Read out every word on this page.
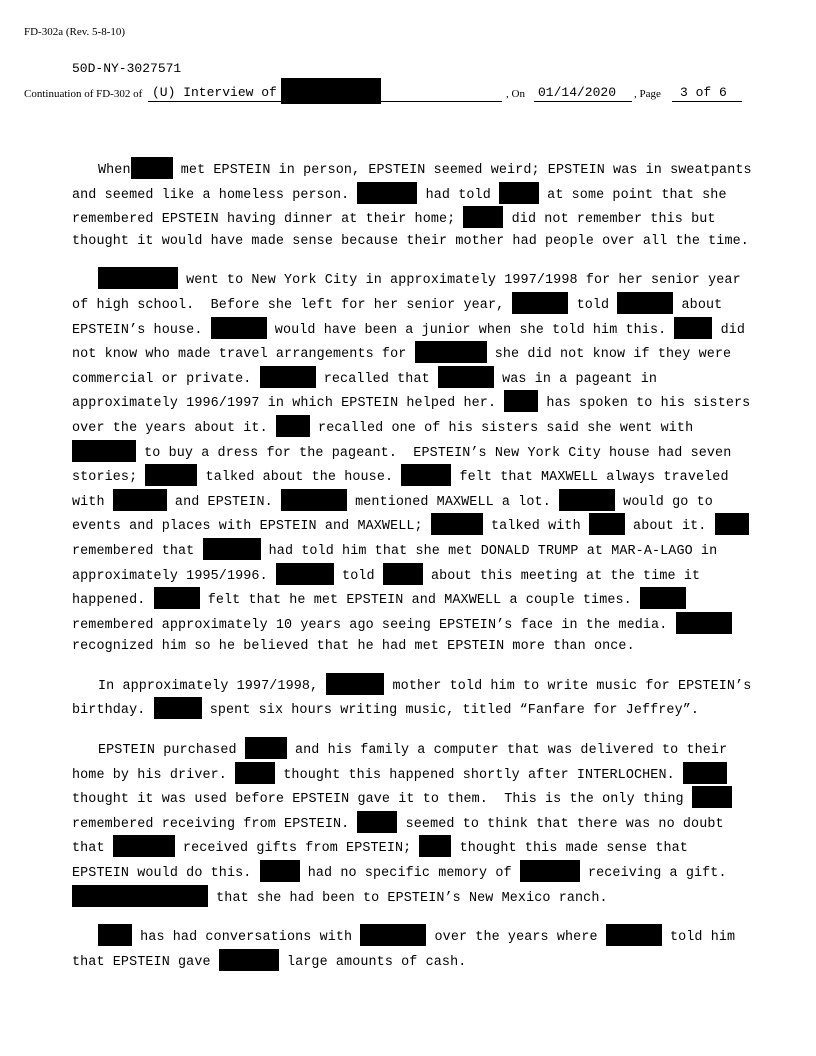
FD-302a (Rev. 5-8-10)
50D-NY-3027571
Continuation of FD-302 of (U) Interview of	, On 01/14/2020 , Page 3 of 6

When	met EPSTEIN in person, EPSTEIN seemed weird; EPSTEIN was in sweatpants and seemed like a homeless person.	had told	at some point that she remembered EPSTEIN having dinner at their home;	did not remember this but thought it would have made sense because their mother had people over all the time.

went to New York City in approximately 1997/1998 for her senior year of high school.  Before she left for her senior year,	told	about EPSTEIN’s house.	would have been a junior when she told him this.	did not know who made travel arrangements for	she did not know if they were commercial or private.	recalled that	was in a pageant in approximately 1996/1997 in which EPSTEIN helped her.	has spoken to his sisters over the years about it.	recalled one of his sisters said she went with  to buy a dress for the pageant.  EPSTEIN’s New York City house had seven stories;	talked about the house.	felt that MAXWELL always traveled with	and EPSTEIN.	mentioned MAXWELL a lot.	would go to events and places with EPSTEIN and MAXWELL;	talked with	about it.	remembered that	had told him that she met DONALD TRUMP at MAR-A-LAGO in approximately 1995/1996.	told	about this meeting at the time it happened.	felt that he met EPSTEIN and MAXWELL a couple times.	remembered approximately 10 years ago seeing EPSTEIN’s face in the media.	recognized him so he believed that he had met EPSTEIN more than once.

In approximately 1997/1998,	mother told him to write music for EPSTEIN’s birthday.	spent six hours writing music, titled “Fanfare for Jeffrey”.

EPSTEIN purchased	and his family a computer that was delivered to their home by his driver.	thought this happened shortly after INTERLOCHEN.	thought it was used before EPSTEIN gave it to them.  This is the only thing	remembered receiving from EPSTEIN.	seemed to think that there was no doubt that	received gifts from EPSTEIN;  thought this made sense that EPSTEIN would do this.	had no specific memory of	receiving a gift.  that she had been to EPSTEIN’s New Mexico ranch.

has had conversations with	over the years where	told him that EPSTEIN gave	large amounts of cash.
